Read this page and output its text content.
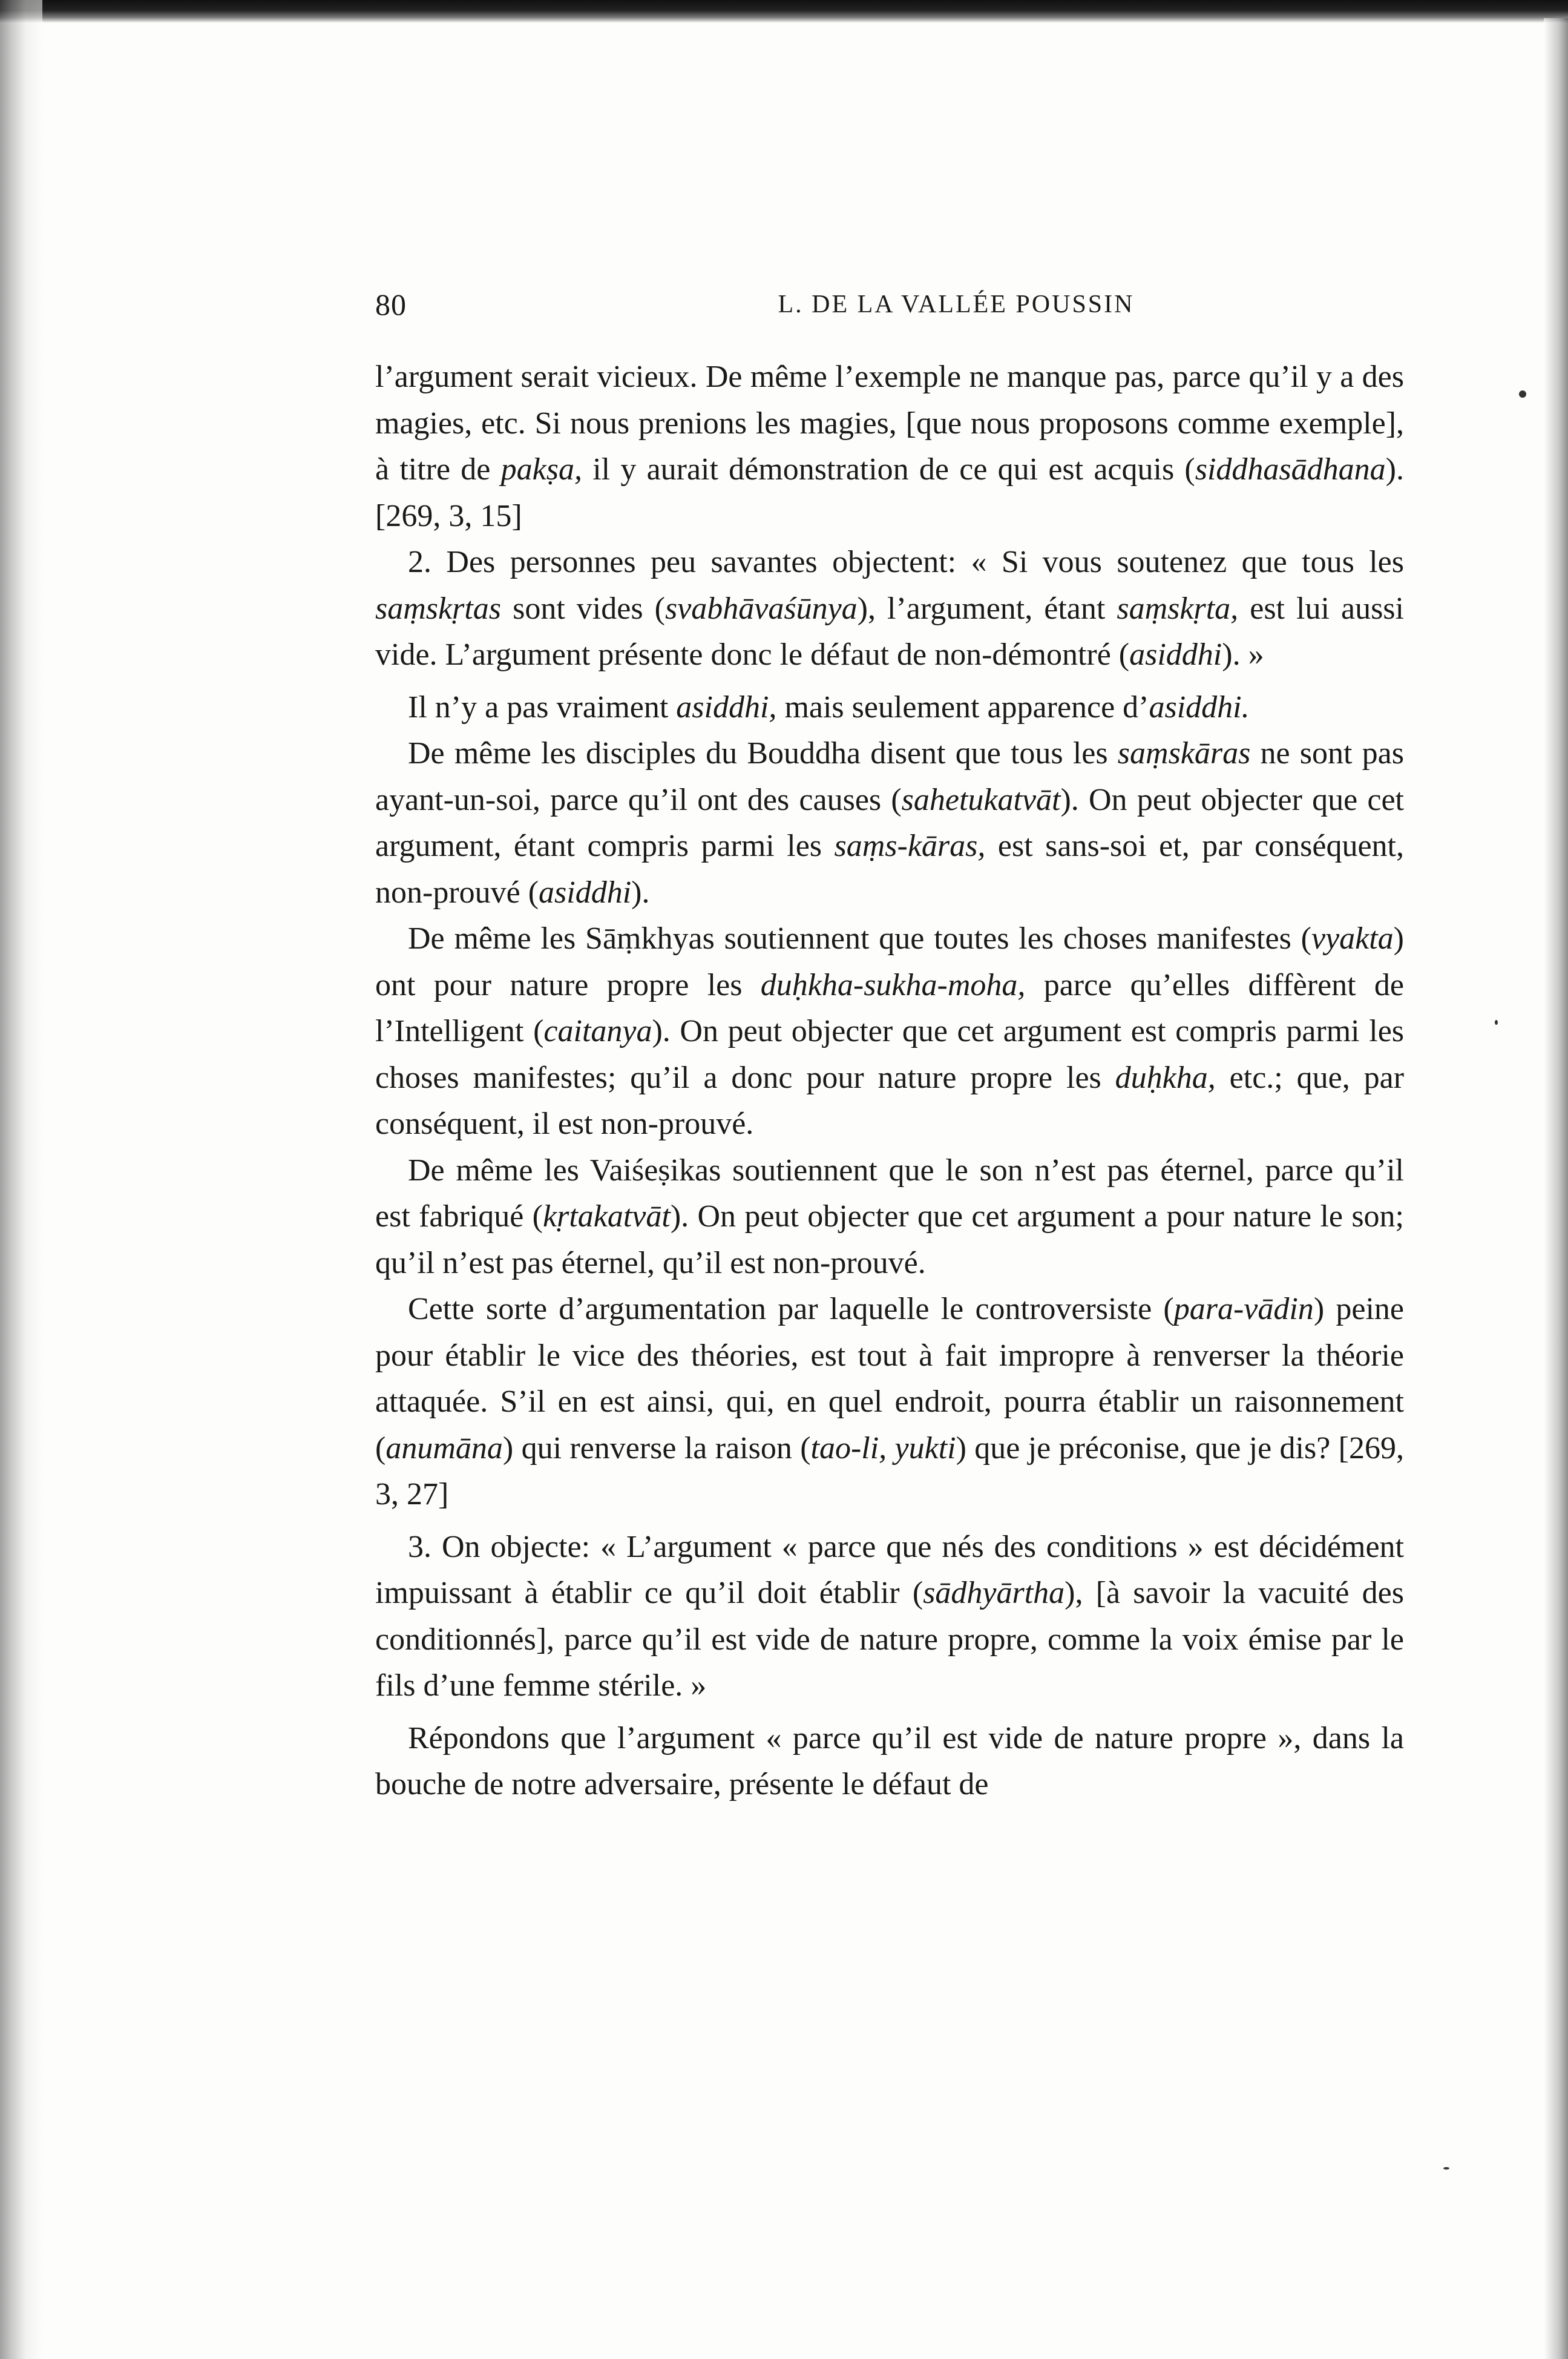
80	L. DE LA VALLÉE POUSSIN

l’argument serait vicieux. De même l’exemple ne manque pas, parce qu’il y a des magies, etc. Si nous prenions les magies, [que nous proposons comme exemple], à titre de pakṣa, il y aurait démonstration de ce qui est acquis (siddhasādhana). [269, 3, 15]

2. Des personnes peu savantes objectent: « Si vous soutenez que tous les saṃskṛtas sont vides (svabhāvaśūnya), l’argument, étant saṃskṛta, est lui aussi vide. L’argument présente donc le défaut de non-démontré (asiddhi). »

Il n’y a pas vraiment asiddhi, mais seulement apparence d’asiddhi.

De même les disciples du Bouddha disent que tous les saṃskāras ne sont pas ayant-un-soi, parce qu’il ont des causes (sahetukatvāt). On peut objecter que cet argument, étant compris parmi les saṃs-kāras, est sans-soi et, par conséquent, non-prouvé (asiddhi).

De même les Sāṃkhyas soutiennent que toutes les choses manifestes (vyakta) ont pour nature propre les duḥkha-sukha-moha, parce qu’elles diffèrent de l’Intelligent (caitanya). On peut objecter que cet argument est compris parmi les choses manifestes; qu’il a donc pour nature propre les duḥkha, etc.; que, par conséquent, il est non-prouvé.

De même les Vaiśeṣikas soutiennent que le son n’est pas éternel, parce qu’il est fabriqué (kṛtakatvāt). On peut objecter que cet argument a pour nature le son; qu’il n’est pas éternel, qu’il est non-prouvé.

Cette sorte d’argumentation par laquelle le controversiste (para-vādin) peine pour établir le vice des théories, est tout à fait impropre à renverser la théorie attaquée. S’il en est ainsi, qui, en quel endroit, pourra établir un raisonnement (anumāna) qui renverse la raison (tao-li, yukti) que je préconise, que je dis? [269, 3, 27]

3. On objecte: « L’argument « parce que nés des conditions » est décidément impuissant à établir ce qu’il doit établir (sādhyārtha), [à savoir la vacuité des conditionnés], parce qu’il est vide de nature propre, comme la voix émise par le fils d’une femme stérile. »

Répondons que l’argument « parce qu’il est vide de nature propre », dans la bouche de notre adversaire, présente le défaut de
